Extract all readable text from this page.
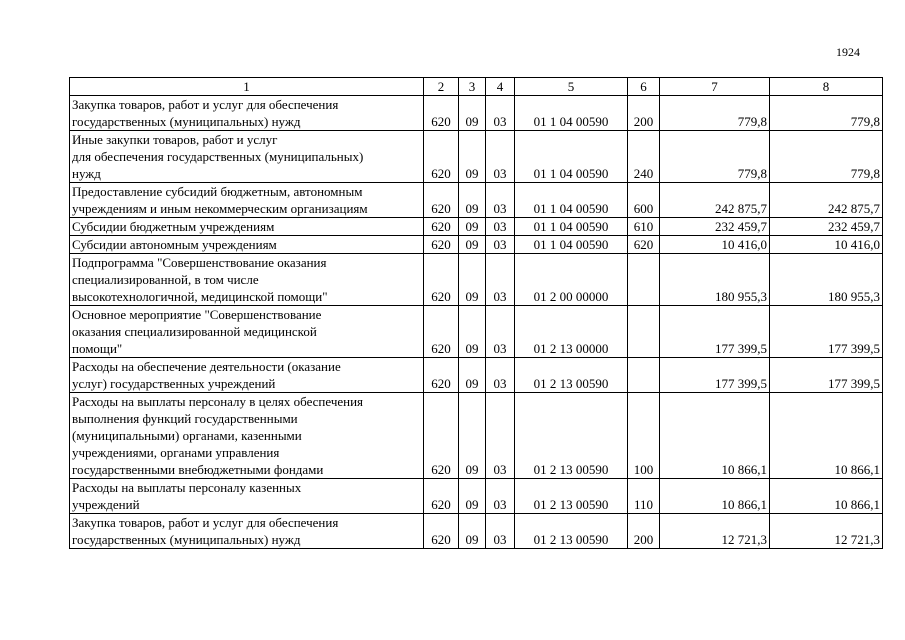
1924
1	2	3	4	5	6	7	8
Закупка товаров, работ и услуг для обеспечения
государственных (муниципальных) нужд	620	09	03	01 1 04 00590	200	779,8	779,8
Иные закупки товаров, работ и услуг
для обеспечения государственных (муниципальных)
нужд	620	09	03	01 1 04 00590	240	779,8	779,8
Предоставление субсидий бюджетным, автономным
учреждениям и иным некоммерческим организациям	620	09	03	01 1 04 00590	600	242 875,7	242 875,7
Субсидии бюджетным учреждениям	620	09	03	01 1 04 00590	610	232 459,7	232 459,7
Субсидии автономным учреждениям	620	09	03	01 1 04 00590	620	10 416,0	10 416,0
Подпрограмма "Совершенствование оказания
специализированной, в том числе
высокотехнологичной, медицинской помощи"	620	09	03	01 2 00 00000		180 955,3	180 955,3
Основное мероприятие "Совершенствование
оказания специализированной медицинской
помощи"	620	09	03	01 2 13 00000		177 399,5	177 399,5
Расходы на обеспечение деятельности (оказание
услуг) государственных учреждений	620	09	03	01 2 13 00590		177 399,5	177 399,5
Расходы на выплаты персоналу в целях обеспечения
выполнения функций государственными
(муниципальными) органами, казенными
учреждениями, органами управления
государственными внебюджетными фондами	620	09	03	01 2 13 00590	100	10 866,1	10 866,1
Расходы на выплаты персоналу казенных
учреждений	620	09	03	01 2 13 00590	110	10 866,1	10 866,1
Закупка товаров, работ и услуг для обеспечения
государственных (муниципальных) нужд	620	09	03	01 2 13 00590	200	12 721,3	12 721,3
